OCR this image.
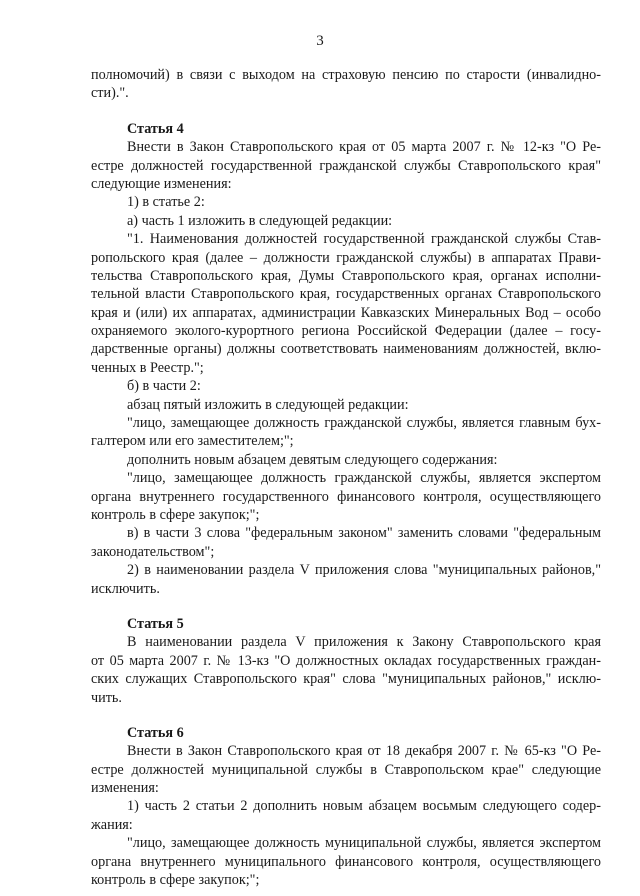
3
полномочий) в связи с выходом на страховую пенсию по старости (инвалидно-
сти).".
Статья 4
Внести в Закон Ставропольского края от 05 марта 2007 г. № 12-кз "О Ре-
естре должностей государственной гражданской службы Ставропольского края"
следующие изменения:
1) в статье 2:
а) часть 1 изложить в следующей редакции:
"1. Наименования должностей государственной гражданской службы Став-
ропольского края (далее – должности гражданской службы) в аппаратах Прави-
тельства Ставропольского края, Думы Ставропольского края, органах исполни-
тельной власти Ставропольского края, государственных органах Ставропольского
края и (или) их аппаратах, администрации Кавказских Минеральных Вод – особо
охраняемого эколого-курортного региона Российской Федерации (далее – госу-
дарственные органы) должны соответствовать наименованиям должностей, вклю-
ченных в Реестр.";
б) в части 2:
абзац пятый изложить в следующей редакции:
"лицо, замещающее должность гражданской службы, является главным бух-
галтером или его заместителем;";
дополнить новым абзацем девятым следующего содержания:
"лицо, замещающее должность гражданской службы, является экспертом
органа внутреннего государственного финансового контроля, осуществляющего
контроль в сфере закупок;";
в) в части 3 слова "федеральным законом" заменить словами "федеральным
законодательством";
2) в наименовании раздела V приложения слова "муниципальных районов,"
исключить.
Статья 5
В наименовании раздела V приложения к Закону Ставропольского края
от 05 марта 2007 г. № 13-кз "О должностных окладах государственных граждан-
ских служащих Ставропольского края" слова "муниципальных районов," исклю-
чить.
Статья 6
Внести в Закон Ставропольского края от 18 декабря 2007 г. № 65-кз "О Ре-
естре должностей муниципальной службы в Ставропольском крае" следующие
изменения:
1) часть 2 статьи 2 дополнить новым абзацем восьмым следующего содер-
жания:
"лицо, замещающее должность муниципальной службы, является экспертом
органа внутреннего муниципального финансового контроля, осуществляющего
контроль в сфере закупок;";
